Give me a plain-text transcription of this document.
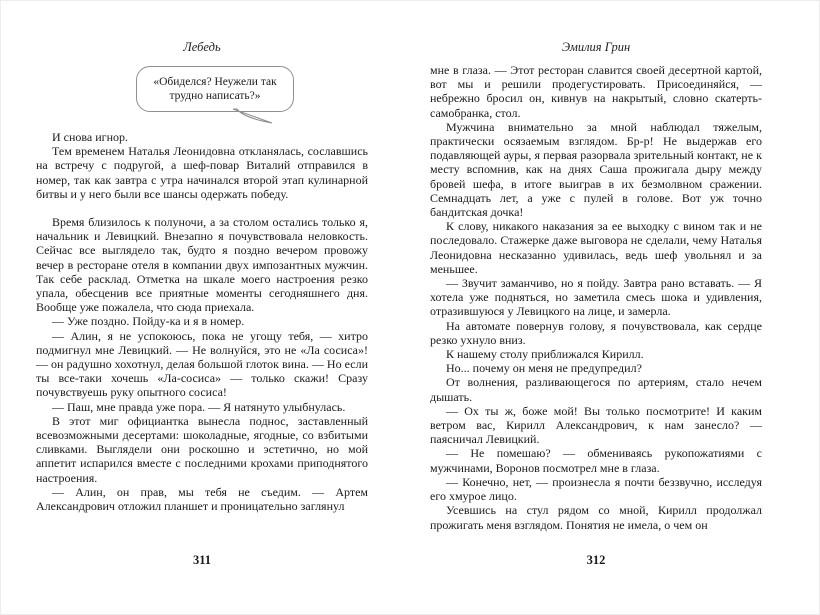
Лебедь
«Обиделся? Неужели так трудно написать?»

И снова игнор.

Тем временем Наталья Леонидовна откланялась, сославшись на встречу с подругой, а шеф-повар Виталий отправился в номер, так как завтра с утра начинался второй этап кулинарной битвы и у него были все шансы одержать победу.

Время близилось к полуночи, а за столом остались только я, начальник и Левицкий. Внезапно я почувствовала неловкость. Сейчас все выглядело так, будто я поздно вечером провожу вечер в ресторане отеля в компании двух импозантных мужчин. Так себе расклад. Отметка на шкале моего настроения резко упала, обесценив все приятные моменты сегодняшнего дня. Вообще уже пожалела, что сюда приехала.

— Уже поздно. Пойду-ка и я в номер.

— Алин, я не успокоюсь, пока не угощу тебя, — хитро подмигнул мне Левицкий. — Не волнуйся, это не «Ла сосиса»! — он радушно хохотнул, делая большой глоток вина. — Но если ты все-таки хочешь «Ла-сосиса» — только скажи! Сразу почувствуешь руку опытного сосиса!

— Паш, мне правда уже пора. — Я натянуто улыбнулась.

В этот миг официантка вынесла поднос, заставленный всевозможными десертами: шоколадные, ягодные, со взбитыми сливками. Выглядели они роскошно и эстетично, но мой аппетит испарился вместе с последними крохами приподнятого настроения.

— Алин, он прав, мы тебя не съедим. — Артем Александрович отложил планшет и проницательно заглянул

Эмилия Грин

мне в глаза. — Этот ресторан славится своей десертной картой, вот мы и решили продегустировать. Присоединяйся, — небрежно бросил он, кивнув на накрытый, словно скатерть-самобранка, стол.

Мужчина внимательно за мной наблюдал тяжелым, практически осязаемым взглядом. Бр-р! Не выдержав его подавляющей ауры, я первая разорвала зрительный контакт, не к месту вспомнив, как на днях Саша прожигала дыру между бровей шефа, в итоге выиграв в их безмолвном сражении. Семнадцать лет, а уже с пулей в голове. Вот уж точно бандитская дочка!

К слову, никакого наказания за ее выходку с вином так и не последовало. Стажерке даже выговора не сделали, чему Наталья Леонидовна несказанно удивилась, ведь шеф увольнял и за меньшее.

— Звучит заманчиво, но я пойду. Завтра рано вставать. — Я хотела уже подняться, но заметила смесь шока и удивления, отразившуюся у Левицкого на лице, и замерла.

На автомате повернув голову, я почувствовала, как сердце резко ухнуло вниз.

К нашему столу приближался Кирилл.

Но... почему он меня не предупредил?

От волнения, разливающегося по артериям, стало нечем дышать.

— Ох ты ж, боже мой! Вы только посмотрите! И каким ветром вас, Кирилл Александрович, к нам занесло? — паясничал Левицкий.

— Не помешаю? — обмениваясь рукопожатиями с мужчинами, Воронов посмотрел мне в глаза.

— Конечно, нет, — произнесла я почти беззвучно, исследуя его хмурое лицо.

Усевшись на стул рядом со мной, Кирилл продолжал прожигать меня взглядом. Понятия не имела, о чем он

311	312
